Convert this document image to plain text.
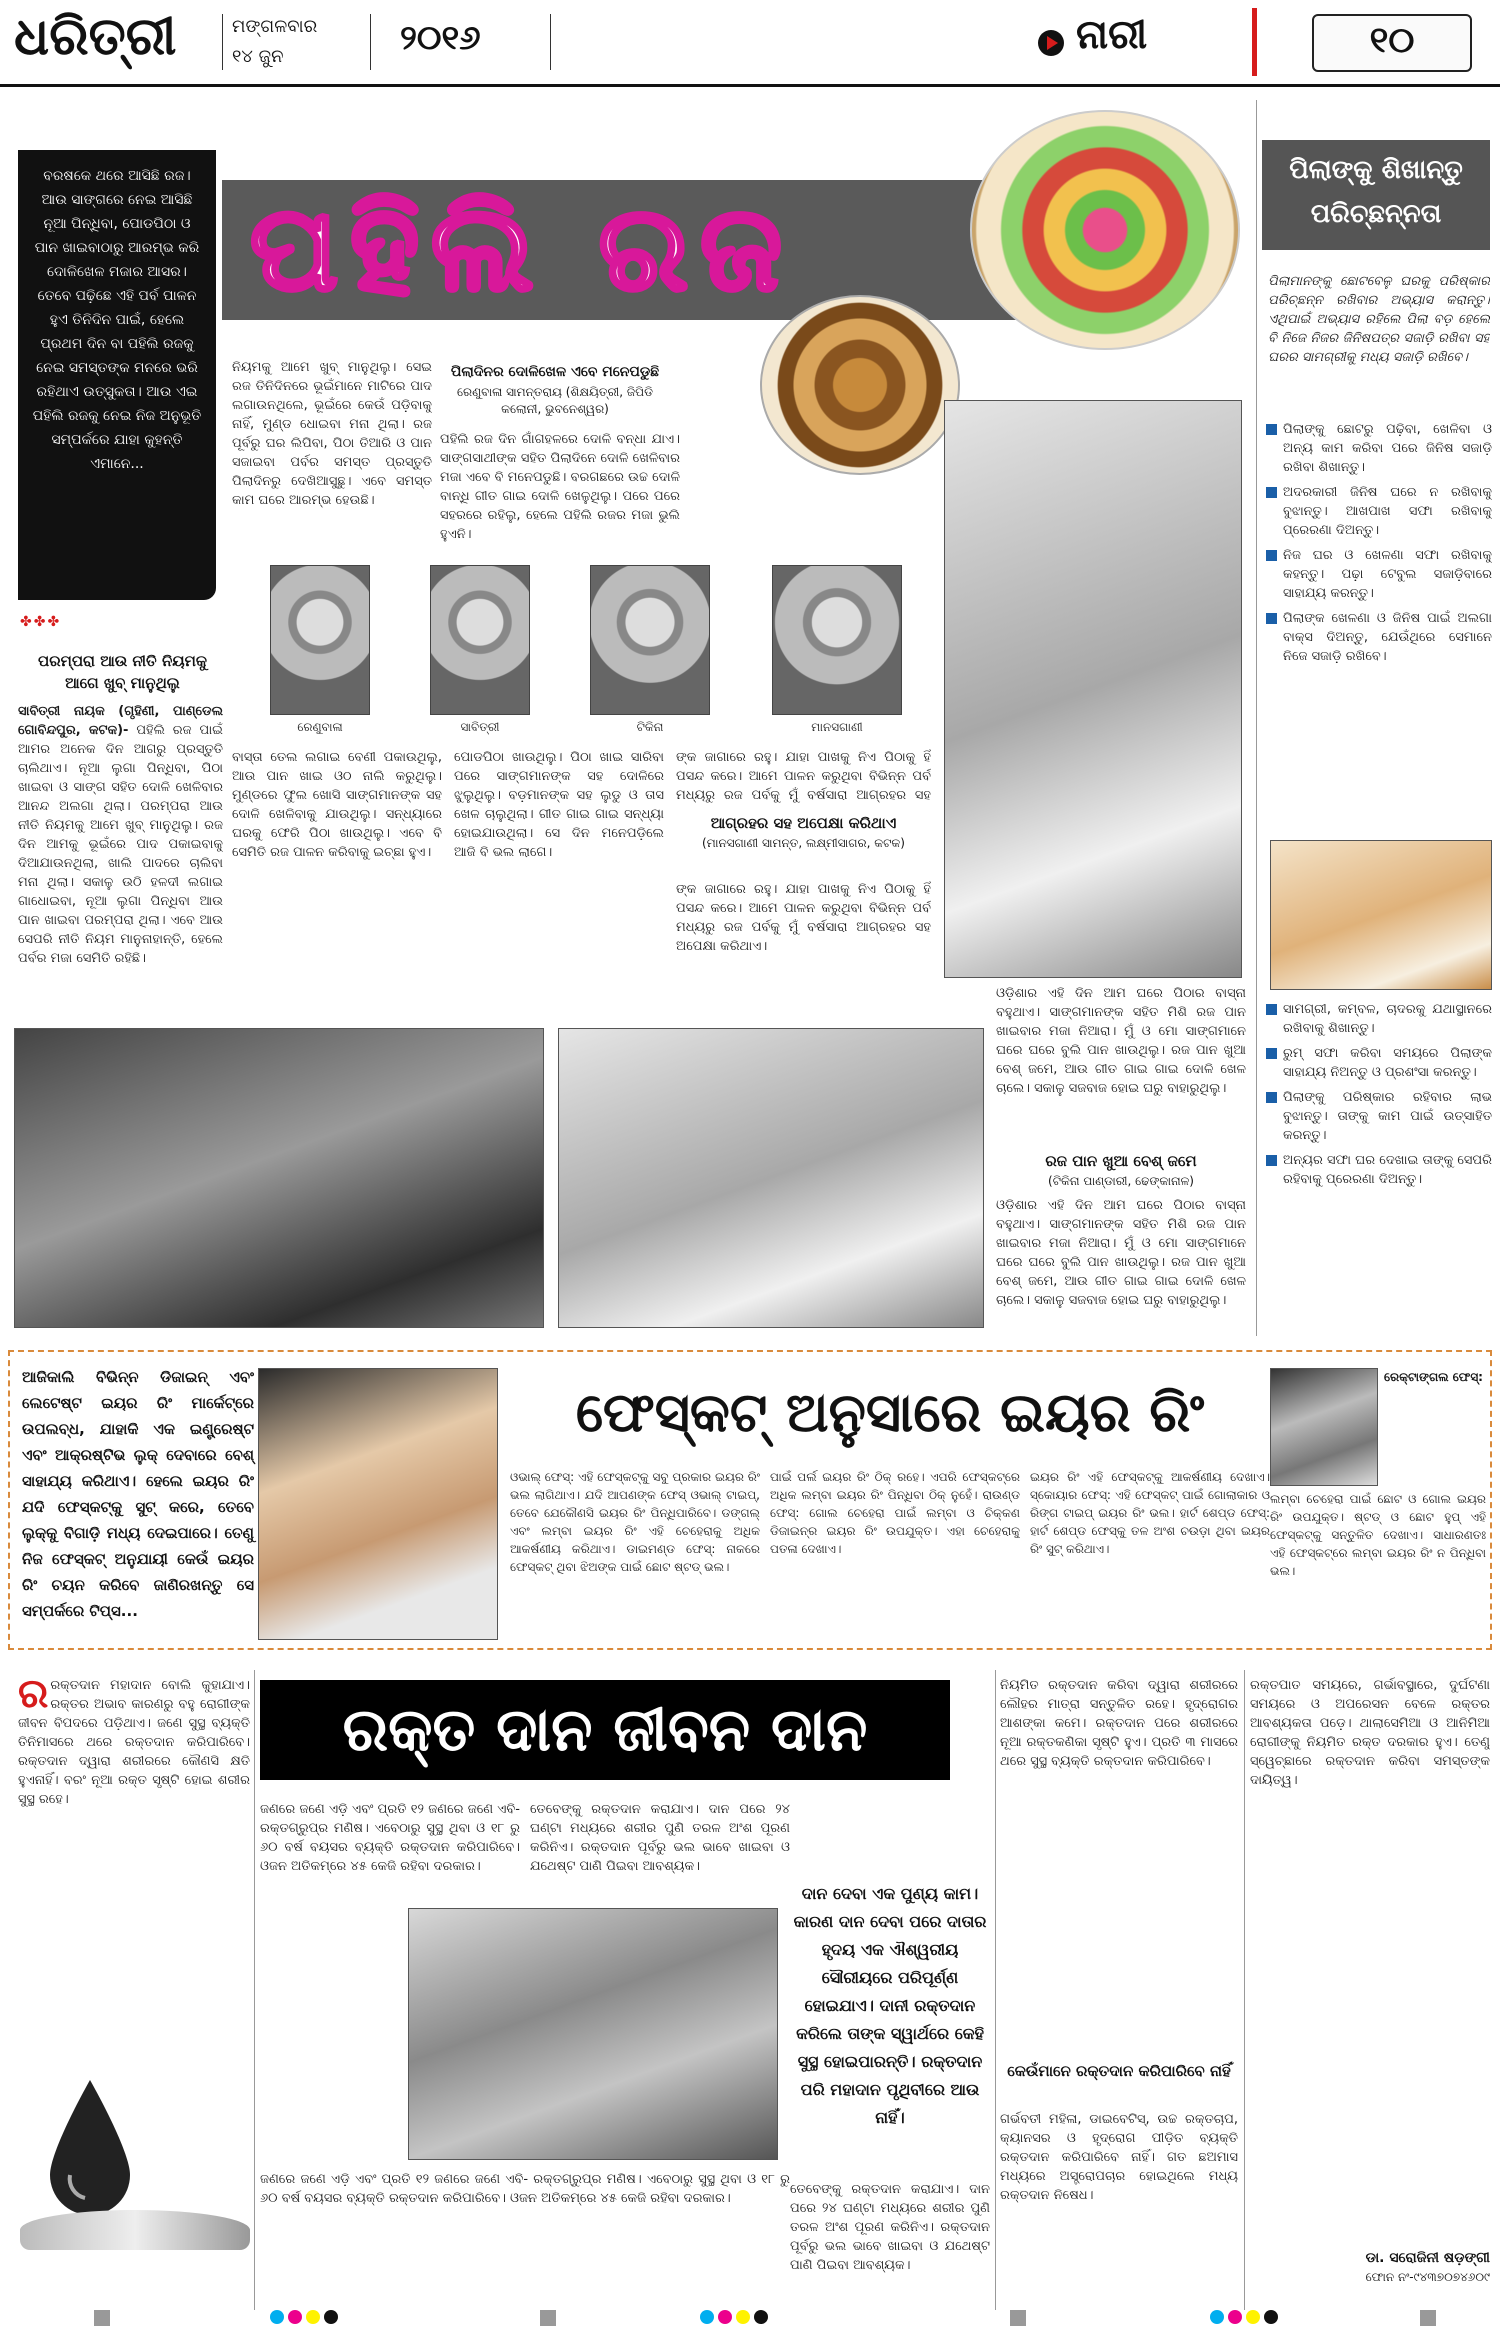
ଧରିତ୍ରୀ	ମଙ୍ଗଳବାର
୧୪ ଜୁନ	୨୦୧୬	ନାରୀ	୧୦
ବରଷକେ ଥରେ ଆସିଛି ରଜ। ଆଉ ସାଙ୍ଗରେ ନେଇ ଆସିଛି ନୂଆ ପିନ୍ଧିବା, ପୋଡପିଠା ଓ ପାନ ଖାଇବାଠାରୁ ଆରମ୍ଭ କରି ଦୋଳିଖେଳ ମଜାର ଆସର। ତେବେ ପଢ଼ିଛେ ଏହି ପର୍ବ ପାଳନ ହୁଏ ତିନିଦିନ ପାଇଁ, ହେଲେ ପ୍ରଥମ ଦିନ ବା ପହିଲି ରଜକୁ ନେଇ ସମସ୍ତଙ୍କ ମନରେ ଭରି ରହିଥାଏ ଉତ୍ସୁକତା। ଆଉ ଏଇ ପହିଲି ରଜକୁ ନେଇ ନିଜ ଅନୁଭୂତି ସମ୍ପର୍କରେ ଯାହା କୁହନ୍ତି ଏମାନେ...
ପହିଲି ରଜ
ପରମ୍ପରା ଆଉ ନୀତି ନିୟମକୁ ଆଗେ ଖୁବ୍ ମାନୁଥିଲୁ
✤✤✤
ସାବିତ୍ରୀ ନାୟକ (ଗୃହିଣୀ, ପାଣ୍ଡେଲ ଗୋବିନ୍ଦପୁର, କଟକ)- ପହିଲି ରଜ ପାଇଁ ଆମର ଅନେକ ଦିନ ଆଗରୁ ପ୍ରସ୍ତୁତି ଚାଲିଥାଏ। ନୂଆ ଲୁଗା ପିନ୍ଧିବା, ପିଠା ଖାଇବା ଓ ସାଙ୍ଗ ସହିତ ଦୋଳି ଖେଳିବାର ଆନନ୍ଦ ଅଲଗା ଥିଲା। ପରମ୍ପରା ଆଉ ନୀତି ନିୟମକୁ ଆମେ ଖୁବ୍ ମାନୁଥିଲୁ। ରଜ ଦିନ ଆମକୁ ଭୂଇଁରେ ପାଦ ପକାଇବାକୁ ଦିଆଯାଉନଥିଲା, ଖାଲି ପାଦରେ ଚାଲିବା ମନା ଥିଲା। ସକାଳୁ ଉଠି ହଳଦୀ ଲଗାଇ ଗାଧୋଇବା, ନୂଆ ଲୁଗା ପିନ୍ଧିବା ଆଉ ପାନ ଖାଇବା ପରମ୍ପରା ଥିଲା। ଏବେ ଆଉ ସେପରି ନୀତି ନିୟମ ମାନୁନାହାନ୍ତି, ହେଲେ ପର୍ବର ମଜା ସେମିତି ରହିଛି।
ନିୟମକୁ ଆମେ ଖୁବ୍ ମାନୁଥିଲୁ। ସେଇ ରଜ ତିନିଦିନରେ ଭୂଇଁମାନେ ମାଟିରେ ପାଦ ଲଗାଉନଥିଲେ, ଭୂଇଁରେ କେଉଁ ପଡ଼ିବାକୁ ନାହିଁ, ମୁଣ୍ଡ ଧୋଇବା ମନା ଥିଲା। ରଜ ପୂର୍ବରୁ ଘର ଲିପିବା, ପିଠା ତିଆରି ଓ ପାନ ସଜାଇବା ପର୍ବର ସମସ୍ତ ପ୍ରସ୍ତୁତି ପିଲାଦିନରୁ ଦେଖିଆସୁଛୁ। ଏବେ ସମସ୍ତ କାମ ଘରେ ଆରମ୍ଭ ହେଉଛି।
ପିଲାଦିନର ଦୋଳିଖେଳ ଏବେ ମନେପଡୁଛି
ରେଣୁବାଳା ସାମନ୍ତରାୟ (ଶିକ୍ଷୟିତ୍ରୀ, ଜିପିଡି କଲୋନୀ, ଭୁବନେଶ୍ୱର)
ପହିଲି ରଜ ଦିନ ଗାଁଗହଳରେ ଦୋଳି ବନ୍ଧା ଯାଏ। ସାଙ୍ଗସାଥୀଙ୍କ ସହିତ ପିଲାଦିନେ ଦୋଳି ଖେଳିବାର ମଜା ଏବେ ବି ମନେପଡୁଛି। ବରଗଛରେ ଉଚ୍ଚ ଦୋଳି ବାନ୍ଧି ଗୀତ ଗାଇ ଦୋଳି ଖେଳୁଥିଲୁ। ପରେ ପରେ ସହରରେ ରହିଲୁ, ହେଲେ ପହିଲି ରଜର ମଜା ଭୁଲି ହୁଏନି।
ରେଣୁବାଳା	ସାବିତ୍ରୀ	ଟିକିନା	ମାନସଗାଣୀ
ବାସ୍ତା ତେଲ ଲଗାଇ ବେଣୀ ପକାଉଥିଲୁ, ଆଉ ପାନ ଖାଇ ଓଠ ନାଲି କରୁଥିଲୁ। ମୁଣ୍ଡରେ ଫୁଲ ଖୋସି ସାଙ୍ଗମାନଙ୍କ ସହ ଦୋଳି ଖେଳିବାକୁ ଯାଉଥିଲୁ। ସନ୍ଧ୍ୟାରେ ଘରକୁ ଫେରି ପିଠା ଖାଉଥିଲୁ। ଏବେ ବି ସେମିତି ରଜ ପାଳନ କରିବାକୁ ଇଚ୍ଛା ହୁଏ।
ପୋଡପିଠା ଖାଉଥିଲୁ। ପିଠା ଖାଇ ସାରିବା ପରେ ସାଙ୍ଗମାନଙ୍କ ସହ ଦୋଳିରେ ଝୁଲୁଥିଲୁ। ବଡ଼ମାନଙ୍କ ସହ ଲୁଡୁ ଓ ତାସ ଖେଳ ଚାଲୁଥିଲା। ଗୀତ ଗାଇ ଗାଇ ସନ୍ଧ୍ୟା ହୋଇଯାଉଥିଲା। ସେ ଦିନ ମନେପଡ଼ିଲେ ଆଜି ବି ଭଲ ଲାଗେ।
ଙ୍କ ଜାଗାରେ ରହୁ। ଯାହା ପାଖକୁ ନିଏ ପିଠାକୁ ହିଁ ପସନ୍ଦ କରେ। ଆମେ ପାଳନ କରୁଥିବା ବିଭିନ୍ନ ପର୍ବ ମଧ୍ୟରୁ ରଜ ପର୍ବକୁ ମୁଁ ବର୍ଷସାରା ଆଗ୍ରହର ସହ
ଆଗ୍ରହର ସହ ଅପେକ୍ଷା କରିଥାଏ
(ମାନସଗାଣୀ ସାମନ୍ତ, ଲକ୍ଷ୍ମୀସାଗର, କଟକ)
ଙ୍କ ଜାଗାରେ ରହୁ। ଯାହା ପାଖକୁ ନିଏ ପିଠାକୁ ହିଁ ପସନ୍ଦ କରେ। ଆମେ ପାଳନ କରୁଥିବା ବିଭିନ୍ନ ପର୍ବ ମଧ୍ୟରୁ ରଜ ପର୍ବକୁ ମୁଁ ବର୍ଷସାରା ଆଗ୍ରହର ସହ ଅପେକ୍ଷା କରିଥାଏ।
ଓଡ଼ିଶାର ଏହି ଦିନ ଆମ ଘରେ ପିଠାର ବାସ୍ନା ବହୁଥାଏ। ସାଙ୍ଗମାନଙ୍କ ସହିତ ମିଶି ରଜ ପାନ ଖାଇବାର ମଜା ନିଆରା। ମୁଁ ଓ ମୋ ସାଙ୍ଗମାନେ ଘରେ ଘରେ ବୁଲି ପାନ ଖାଉଥିଲୁ। ରଜ ପାନ ଖୁଆ ବେଶ୍ ଜମେ, ଆଉ ଗୀତ ଗାଇ ଗାଇ ଦୋଳି ଖେଳ ଚାଲେ। ସକାଳୁ ସଜବାଜ ହୋଇ ଘରୁ ବାହାରୁଥିଲୁ।
ରଜ ପାନ ଖୁଆ ବେଶ୍ ଜମେ
(ଟିକିନା ପାଣ୍ଡାରୀ, ଢେଙ୍କାନାଳ)
ଓଡ଼ିଶାର ଏହି ଦିନ ଆମ ଘରେ ପିଠାର ବାସ୍ନା ବହୁଥାଏ। ସାଙ୍ଗମାନଙ୍କ ସହିତ ମିଶି ରଜ ପାନ ଖାଇବାର ମଜା ନିଆରା। ମୁଁ ଓ ମୋ ସାଙ୍ଗମାନେ ଘରେ ଘରେ ବୁଲି ପାନ ଖାଉଥିଲୁ। ରଜ ପାନ ଖୁଆ ବେଶ୍ ଜମେ, ଆଉ ଗୀତ ଗାଇ ଗାଇ ଦୋଳି ଖେଳ ଚାଲେ। ସକାଳୁ ସଜବାଜ ହୋଇ ଘରୁ ବାହାରୁଥିଲୁ।
ପିଲାଙ୍କୁ ଶିଖାନ୍ତୁ ପରିଚ୍ଛନ୍ନତା
ପିଲାମାନଙ୍କୁ ଛୋଟବେଳୁ ଘରକୁ ପରିଷ୍କାର ପରିଚ୍ଛନ୍ନ ରଖିବାର ଅଭ୍ୟାସ କରାନ୍ତୁ। ଏଥିପାଇଁ ଅଭ୍ୟାସ ରହିଲେ ପିଲା ବଡ଼ ହେଲେ ବି ନିଜେ ନିଜର ଜିନିଷପତ୍ର ସଜାଡ଼ି ରଖିବା ସହ ଘରର ସାମଗ୍ରୀକୁ ମଧ୍ୟ ସଜାଡ଼ି ରଖିବେ।
ପିଲାଙ୍କୁ ଛୋଟରୁ ପଢ଼ିବା, ଖେଳିବା ଓ ଅନ୍ୟ କାମ କରିବା ପରେ ଜିନିଷ ସଜାଡ଼ି ରଖିବା ଶିଖାନ୍ତୁ।
ଅଦରକାରୀ ଜିନିଷ ଘରେ ନ ରଖିବାକୁ ବୁଝାନ୍ତୁ। ଆଖପାଖ ସଫା ରଖିବାକୁ ପ୍ରେରଣା ଦିଅନ୍ତୁ।
ନିଜ ଘର ଓ ଖେଳଣା ସଫା ରଖିବାକୁ କହନ୍ତୁ। ପଢ଼ା ଟେବୁଲ ସଜାଡ଼ିବାରେ ସାହାଯ୍ୟ କରନ୍ତୁ।
ପିଲାଙ୍କ ଖେଳଣା ଓ ଜିନିଷ ପାଇଁ ଅଲଗା ବାକ୍ସ ଦିଅନ୍ତୁ, ଯେଉଁଥିରେ ସେମାନେ ନିଜେ ସଜାଡ଼ି ରଖିବେ।
ସାମଗ୍ରୀ, କମ୍ବଳ, ଚାଦରକୁ ଯଥାସ୍ଥାନରେ ରଖିବାକୁ ଶିଖାନ୍ତୁ।
ରୁମ୍ ସଫା କରିବା ସମୟରେ ପିଲାଙ୍କ ସାହାଯ୍ୟ ନିଅନ୍ତୁ ଓ ପ୍ରଶଂସା କରନ୍ତୁ।
ପିଲାଙ୍କୁ ପରିଷ୍କାର ରହିବାର ଲାଭ ବୁଝାନ୍ତୁ। ତାଙ୍କୁ କାମ ପାଇଁ ଉତ୍ସାହିତ କରନ୍ତୁ।
ଅନ୍ୟର ସଫା ଘର ଦେଖାଇ ତାଙ୍କୁ ସେପରି ରହିବାକୁ ପ୍ରେରଣା ଦିଅନ୍ତୁ।
ଆଜିକାଲି ବିଭିନ୍ନ ଡିଜାଇନ୍ ଏବଂ ଲେଟେଷ୍ଟ ଇୟର ରିଂ ମାର୍କେଟ୍‌ରେ ଉପଲବ୍ଧ, ଯାହାକି ଏକ ଇଣ୍ଟ୍ରେଷ୍ଟ ଏବଂ ଆକ୍ରଷ୍ଟିଭ ଲୁକ୍ ଦେବାରେ ବେଶ୍ ସାହାଯ୍ୟ କରିଥାଏ। ହେଲେ ଇୟର ରିଂ ଯଦି ଫେସ୍‌କଟ୍‌କୁ ସୁଟ୍ କରେ, ତେବେ ଲୁକ୍‌କୁ ବିଗାଡ଼ି ମଧ୍ୟ ଦେଇପାରେ। ତେଣୁ ନିଜ ଫେସ୍‌କଟ୍ ଅନୁଯାୟୀ କେଉଁ ଇୟର ରିଂ ଚୟନ କରିବେ ଜାଣିରଖନ୍ତୁ ସେ ସମ୍ପର୍କରେ ଟିପ୍ସ...
ଫେସ୍‌କଟ୍ ଅନୁସାରେ ଇୟର ରିଂ
ଓଭାଲ୍ ଫେସ୍: ଏହି ଫେସ୍‌କଟ୍‌କୁ ସବୁ ପ୍ରକାର ଇୟର ରିଂ ଭଲ ଲାଗିଥାଏ। ଯଦି ଆପଣଙ୍କ ଫେସ୍ ଓଭାଲ୍ ଟାଇପ୍, ତେବେ ଯେକୌଣସି ଇୟର ରିଂ ପିନ୍ଧିପାରିବେ। ଡଙ୍ଗଲ୍ ଏବଂ ଲମ୍ବା ଇୟର ରିଂ ଏହି ଚେହେରାକୁ ଅଧିକ ଆକର୍ଷଣୀୟ କରିଥାଏ। ଡାଇମଣ୍ଡ ଫେସ୍: ନାକରେ ଫେସ୍‌କଟ୍ ଥିବା ଝିଅଙ୍କ ପାଇଁ ଛୋଟ ଷ୍ଟଡ୍ ଭଲ।
ପାଇଁ ପର୍ଲ ଇୟର ରିଂ ଠିକ୍ ରହେ। ଏପରି ଫେସ୍‌କଟ୍‌ରେ ଅଧିକ ଲମ୍ବା ଇୟର ରିଂ ପିନ୍ଧିବା ଠିକ୍ ନୁହେଁ। ରାଉଣ୍ଡ ଫେସ୍: ଗୋଲ ଚେହେରା ପାଇଁ ଲମ୍ବା ଓ ଚିକ୍କଣ ଡିଜାଇନ୍‌ର ଇୟର ରିଂ ଉପଯୁକ୍ତ। ଏହା ଚେହେରାକୁ ପତଳା ଦେଖାଏ।
ଇୟର ରିଂ ଏହି ଫେସ୍‌କଟ୍‌କୁ ଆକର୍ଷଣୀୟ ଦେଖାଏ। ସ୍କୋୟାର ଫେସ୍: ଏହି ଫେସ୍‌କଟ୍ ପାଇଁ ଗୋଲାକାର ଓ ରିଙ୍ଗ ଟାଇପ୍ ଇୟର ରିଂ ଭଲ। ହାର୍ଟ ଶେପ୍‌ଡ ଫେସ୍: ହାର୍ଟ ଶେପ୍‌ଡ ଫେସ୍‌କୁ ତଳ ଅଂଶ ଚଉଡ଼ା ଥିବା ଇୟର ରିଂ ସୁଟ୍ କରିଥାଏ।
ରେକ୍ଟାଙ୍ଗଲ ଫେସ୍:
ଲମ୍ବା ଚେହେରା ପାଇଁ ଛୋଟ ଓ ଗୋଲ ଇୟର ରିଂ ଉପଯୁକ୍ତ। ଷ୍ଟଡ୍ ଓ ଛୋଟ ହୁପ୍ ଏହି ଫେସ୍‌କଟ୍‌କୁ ସନ୍ତୁଳିତ ଦେଖାଏ। ସାଧାରଣତଃ ଏହି ଫେସ୍‌କଟ୍‌ରେ ଲମ୍ବା ଇୟର ରିଂ ନ ପିନ୍ଧିବା ଭଲ।
ର ରକ୍ତଦାନ ମହାଦାନ ବୋଲି କୁହାଯାଏ। ରକ୍ତର ଅଭାବ କାରଣରୁ ବହୁ ରୋଗୀଙ୍କ ଜୀବନ ବିପଦରେ ପଡ଼ିଥାଏ। ଜଣେ ସୁସ୍ଥ ବ୍ୟକ୍ତି ତିନିମାସରେ ଥରେ ରକ୍ତଦାନ କରିପାରିବେ। ରକ୍ତଦାନ ଦ୍ୱାରା ଶରୀରରେ କୌଣସି କ୍ଷତି ହୁଏନାହିଁ। ବରଂ ନୂଆ ରକ୍ତ ସୃଷ୍ଟି ହୋଇ ଶରୀର ସୁସ୍ଥ ରହେ।
ରକ୍ତ ଦାନ ଜୀବନ ଦାନ
ଜଣରେ ଜଣେ ଏଡ଼ି ଏବଂ ପ୍ରତି ୧୨ ଜଣରେ ଜଣେ ଏବି- ରକ୍ତଗ୍ରୁପ୍‌ର ମଣିଷ। ଏବେଠାରୁ ସୁସ୍ଥ ଥିବା ଓ ୧୮ ରୁ ୬୦ ବର୍ଷ ବୟସର ବ୍ୟକ୍ତି ରକ୍ତଦାନ କରିପାରିବେ। ଓଜନ ଅତିକମ୍‌ରେ ୪୫ କେଜି ରହିବା ଦରକାର।
ତେବେଙ୍କୁ ରକ୍ତଦାନ କରାଯାଏ। ଦାନ ପରେ ୨୪ ଘଣ୍ଟା ମଧ୍ୟରେ ଶରୀର ପୁଣି ତରଳ ଅଂଶ ପୂରଣ କରିନିଏ। ରକ୍ତଦାନ ପୂର୍ବରୁ ଭଲ ଭାବେ ଖାଇବା ଓ ଯଥେଷ୍ଟ ପାଣି ପିଇବା ଆବଶ୍ୟକ।
ଜଣରେ ଜଣେ ଏଡ଼ି ଏବଂ ପ୍ରତି ୧୨ ଜଣରେ ଜଣେ ଏବି- ରକ୍ତଗ୍ରୁପ୍‌ର ମଣିଷ। ଏବେଠାରୁ ସୁସ୍ଥ ଥିବା ଓ ୧୮ ରୁ ୬୦ ବର୍ଷ ବୟସର ବ୍ୟକ୍ତି ରକ୍ତଦାନ କରିପାରିବେ। ଓଜନ ଅତିକମ୍‌ରେ ୪୫ କେଜି ରହିବା ଦରକାର।
ଦାନ ଦେବା ଏକ ପୁଣ୍ୟ କାମ। କାରଣ ଦାନ ଦେବା ପରେ ଦାତାର ହୃଦୟ ଏକ ଐଶ୍ୱରୀୟ ସୌରୀୟରେ ପରିପୂର୍ଣ୍ଣ ହୋଇଯାଏ। ଦାନୀ ରକ୍ତଦାନ କରିଲେ ତାଙ୍କ ସ୍ୱାର୍ଥରେ କେହି ସୁସ୍ଥ ହୋଇପାରନ୍ତି। ରକ୍ତଦାନ ପରି ମହାଦାନ ପୃଥିବୀରେ ଆଉ ନାହିଁ।
ତେବେଙ୍କୁ ରକ୍ତଦାନ କରାଯାଏ। ଦାନ ପରେ ୨୪ ଘଣ୍ଟା ମଧ୍ୟରେ ଶରୀର ପୁଣି ତରଳ ଅଂଶ ପୂରଣ କରିନିଏ। ରକ୍ତଦାନ ପୂର୍ବରୁ ଭଲ ଭାବେ ଖାଇବା ଓ ଯଥେଷ୍ଟ ପାଣି ପିଇବା ଆବଶ୍ୟକ।
ନିୟମିତ ରକ୍ତଦାନ କରିବା ଦ୍ୱାରା ଶରୀରରେ ଲୌହର ମାତ୍ରା ସନ୍ତୁଳିତ ରହେ। ହୃଦ୍‌ରୋଗର ଆଶଙ୍କା କମେ। ରକ୍ତଦାନ ପରେ ଶରୀରରେ ନୂଆ ରକ୍ତକଣିକା ସୃଷ୍ଟି ହୁଏ। ପ୍ରତି ୩ ମାସରେ ଥରେ ସୁସ୍ଥ ବ୍ୟକ୍ତି ରକ୍ତଦାନ କରିପାରିବେ।
କେଉଁମାନେ ରକ୍ତଦାନ କରିପାରିବେ ନାହିଁ
ଗର୍ଭବତୀ ମହିଳା, ଡାଇବେଟିସ୍, ଉଚ୍ଚ ରକ୍ତଚାପ, କ୍ୟାନସର ଓ ହୃଦ୍‌ରୋଗ ପୀଡ଼ିତ ବ୍ୟକ୍ତି ରକ୍ତଦାନ କରିପାରିବେ ନାହିଁ। ଗତ ଛଅମାସ ମଧ୍ୟରେ ଅସ୍ତ୍ରୋପଚାର ହୋଇଥିଲେ ମଧ୍ୟ ରକ୍ତଦାନ ନିଷେଧ।
ରକ୍ତପାତ ସମୟରେ, ଗର୍ଭାବସ୍ଥାରେ, ଦୁର୍ଘଟଣା ସମୟରେ ଓ ଅପରେସନ ବେଳେ ରକ୍ତର ଆବଶ୍ୟକତା ପଡ଼େ। ଥାଲାସେମିଆ ଓ ଆନିମିଆ ରୋଗୀଙ୍କୁ ନିୟମିତ ରକ୍ତ ଦରକାର ହୁଏ। ତେଣୁ ସ୍ୱେଚ୍ଛାରେ ରକ୍ତଦାନ କରିବା ସମସ୍ତଙ୍କ ଦାୟିତ୍ୱ।
ଡା. ସରୋଜିନୀ ଷଡ଼ଙ୍ଗୀ
ଫୋନ ନଂ-୯୪୩୭୦୭୪୬୦୯
